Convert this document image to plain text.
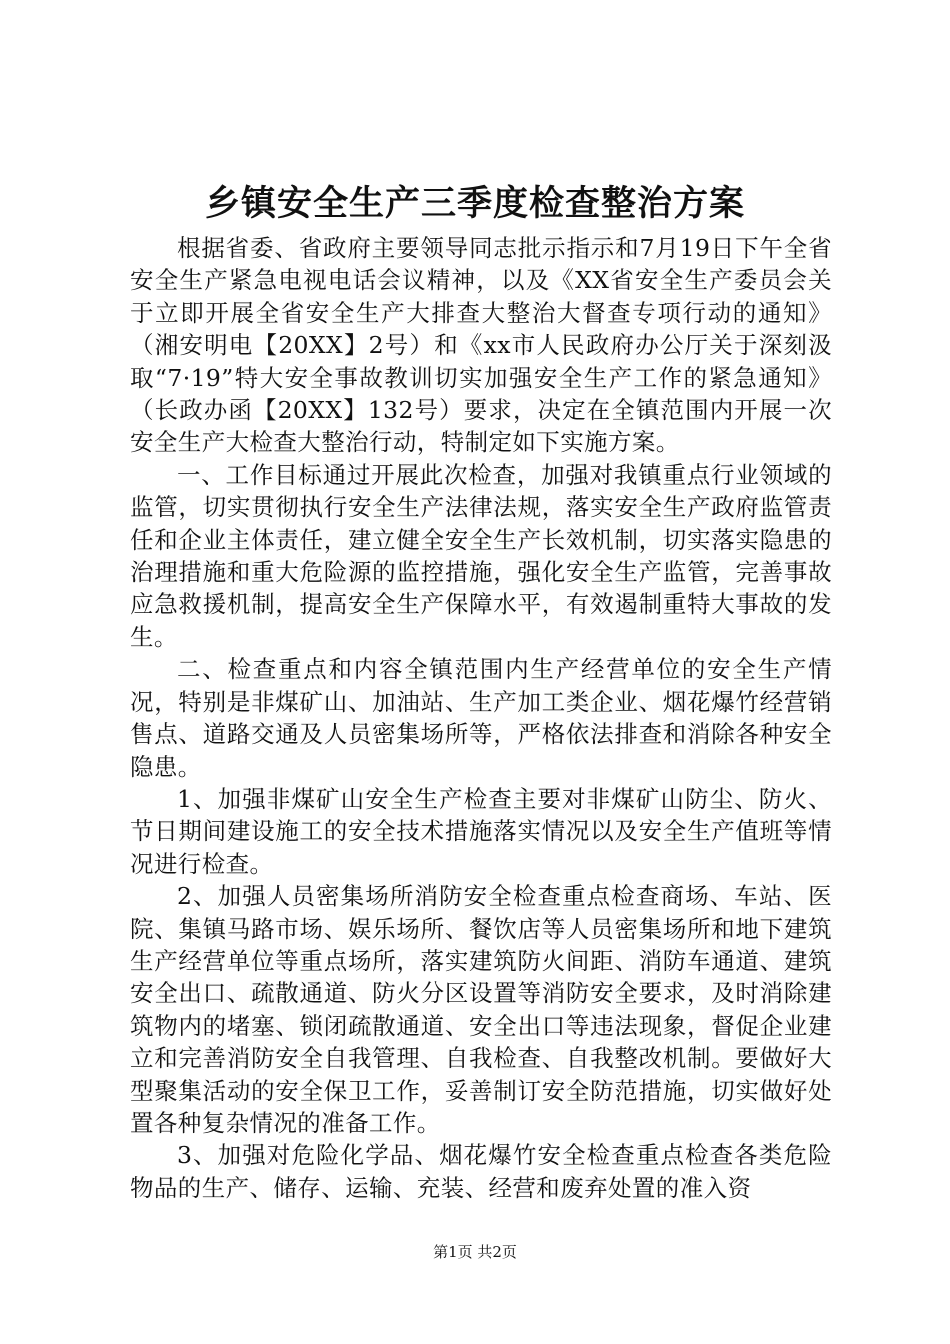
乡镇安全生产三季度检查整治方案

根据省委、省政府主要领导同志批示指示和7月19日下午全省安全生产紧急电视电话会议精神，以及《XX省安全生产委员会关于立即开展全省安全生产大排查大整治大督查专项行动的通知》（湘安明电【20XX】2号）和《xx市人民政府办公厅关于深刻汲取“7·19”特大安全事故教训切实加强安全生产工作的紧急通知》（长政办函【20XX】132号）要求，决定在全镇范围内开展一次安全生产大检查大整治行动，特制定如下实施方案。

一、工作目标通过开展此次检查，加强对我镇重点行业领域的监管，切实贯彻执行安全生产法律法规，落实安全生产政府监管责任和企业主体责任，建立健全安全生产长效机制，切实落实隐患的治理措施和重大危险源的监控措施，强化安全生产监管，完善事故应急救援机制，提高安全生产保障水平，有效遏制重特大事故的发生。

二、检查重点和内容全镇范围内生产经营单位的安全生产情况，特别是非煤矿山、加油站、生产加工类企业、烟花爆竹经营销售点、道路交通及人员密集场所等，严格依法排查和消除各种安全隐患。

1、加强非煤矿山安全生产检查主要对非煤矿山防尘、防火、节日期间建设施工的安全技术措施落实情况以及安全生产值班等情况进行检查。

2、加强人员密集场所消防安全检查重点检查商场、车站、医院、集镇马路市场、娱乐场所、餐饮店等人员密集场所和地下建筑生产经营单位等重点场所，落实建筑防火间距、消防车通道、建筑安全出口、疏散通道、防火分区设置等消防安全要求，及时消除建筑物内的堵塞、锁闭疏散通道、安全出口等违法现象，督促企业建立和完善消防安全自我管理、自我检查、自我整改机制。要做好大型聚集活动的安全保卫工作，妥善制订安全防范措施，切实做好处置各种复杂情况的准备工作。

3、加强对危险化学品、烟花爆竹安全检查重点检查各类危险物品的生产、储存、运输、充装、经营和废弃处置的准入资

第1页 共2页
